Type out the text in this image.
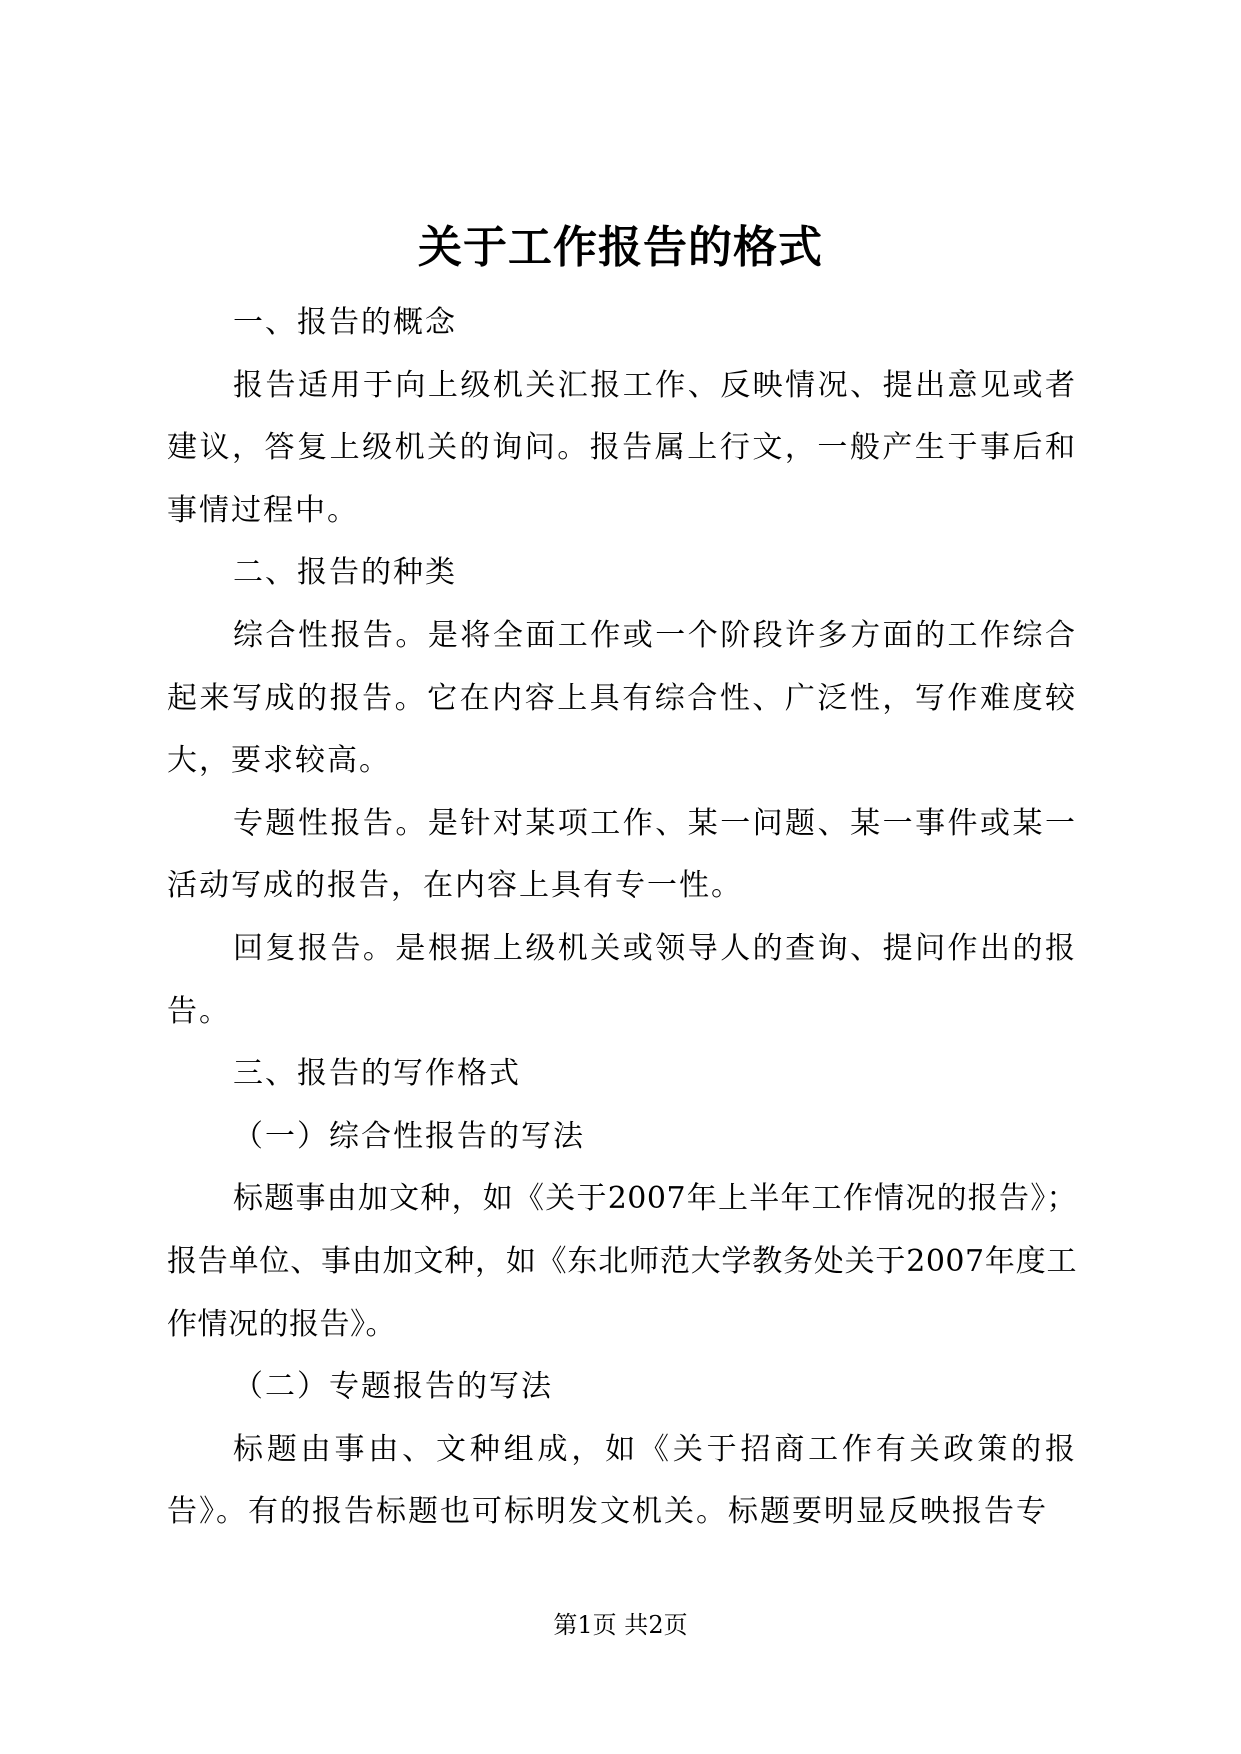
关于工作报告的格式

一、报告的概念

报告适用于向上级机关汇报工作、反映情况、提出意见或者建议，答复上级机关的询问。报告属上行文，一般产生于事后和事情过程中。

二、报告的种类

综合性报告。是将全面工作或一个阶段许多方面的工作综合起来写成的报告。它在内容上具有综合性、广泛性，写作难度较大，要求较高。

专题性报告。是针对某项工作、某一问题、某一事件或某一活动写成的报告，在内容上具有专一性。

回复报告。是根据上级机关或领导人的查询、提问作出的报告。

三、报告的写作格式

（一）综合性报告的写法

标题事由加文种，如《关于2007年上半年工作情况的报告》；报告单位、事由加文种，如《东北师范大学教务处关于2007年度工作情况的报告》。

（二）专题报告的写法

标题由事由、文种组成，如《关于招商工作有关政策的报告》。有的报告标题也可标明发文机关。标题要明显反映报告专

第1页 共2页
